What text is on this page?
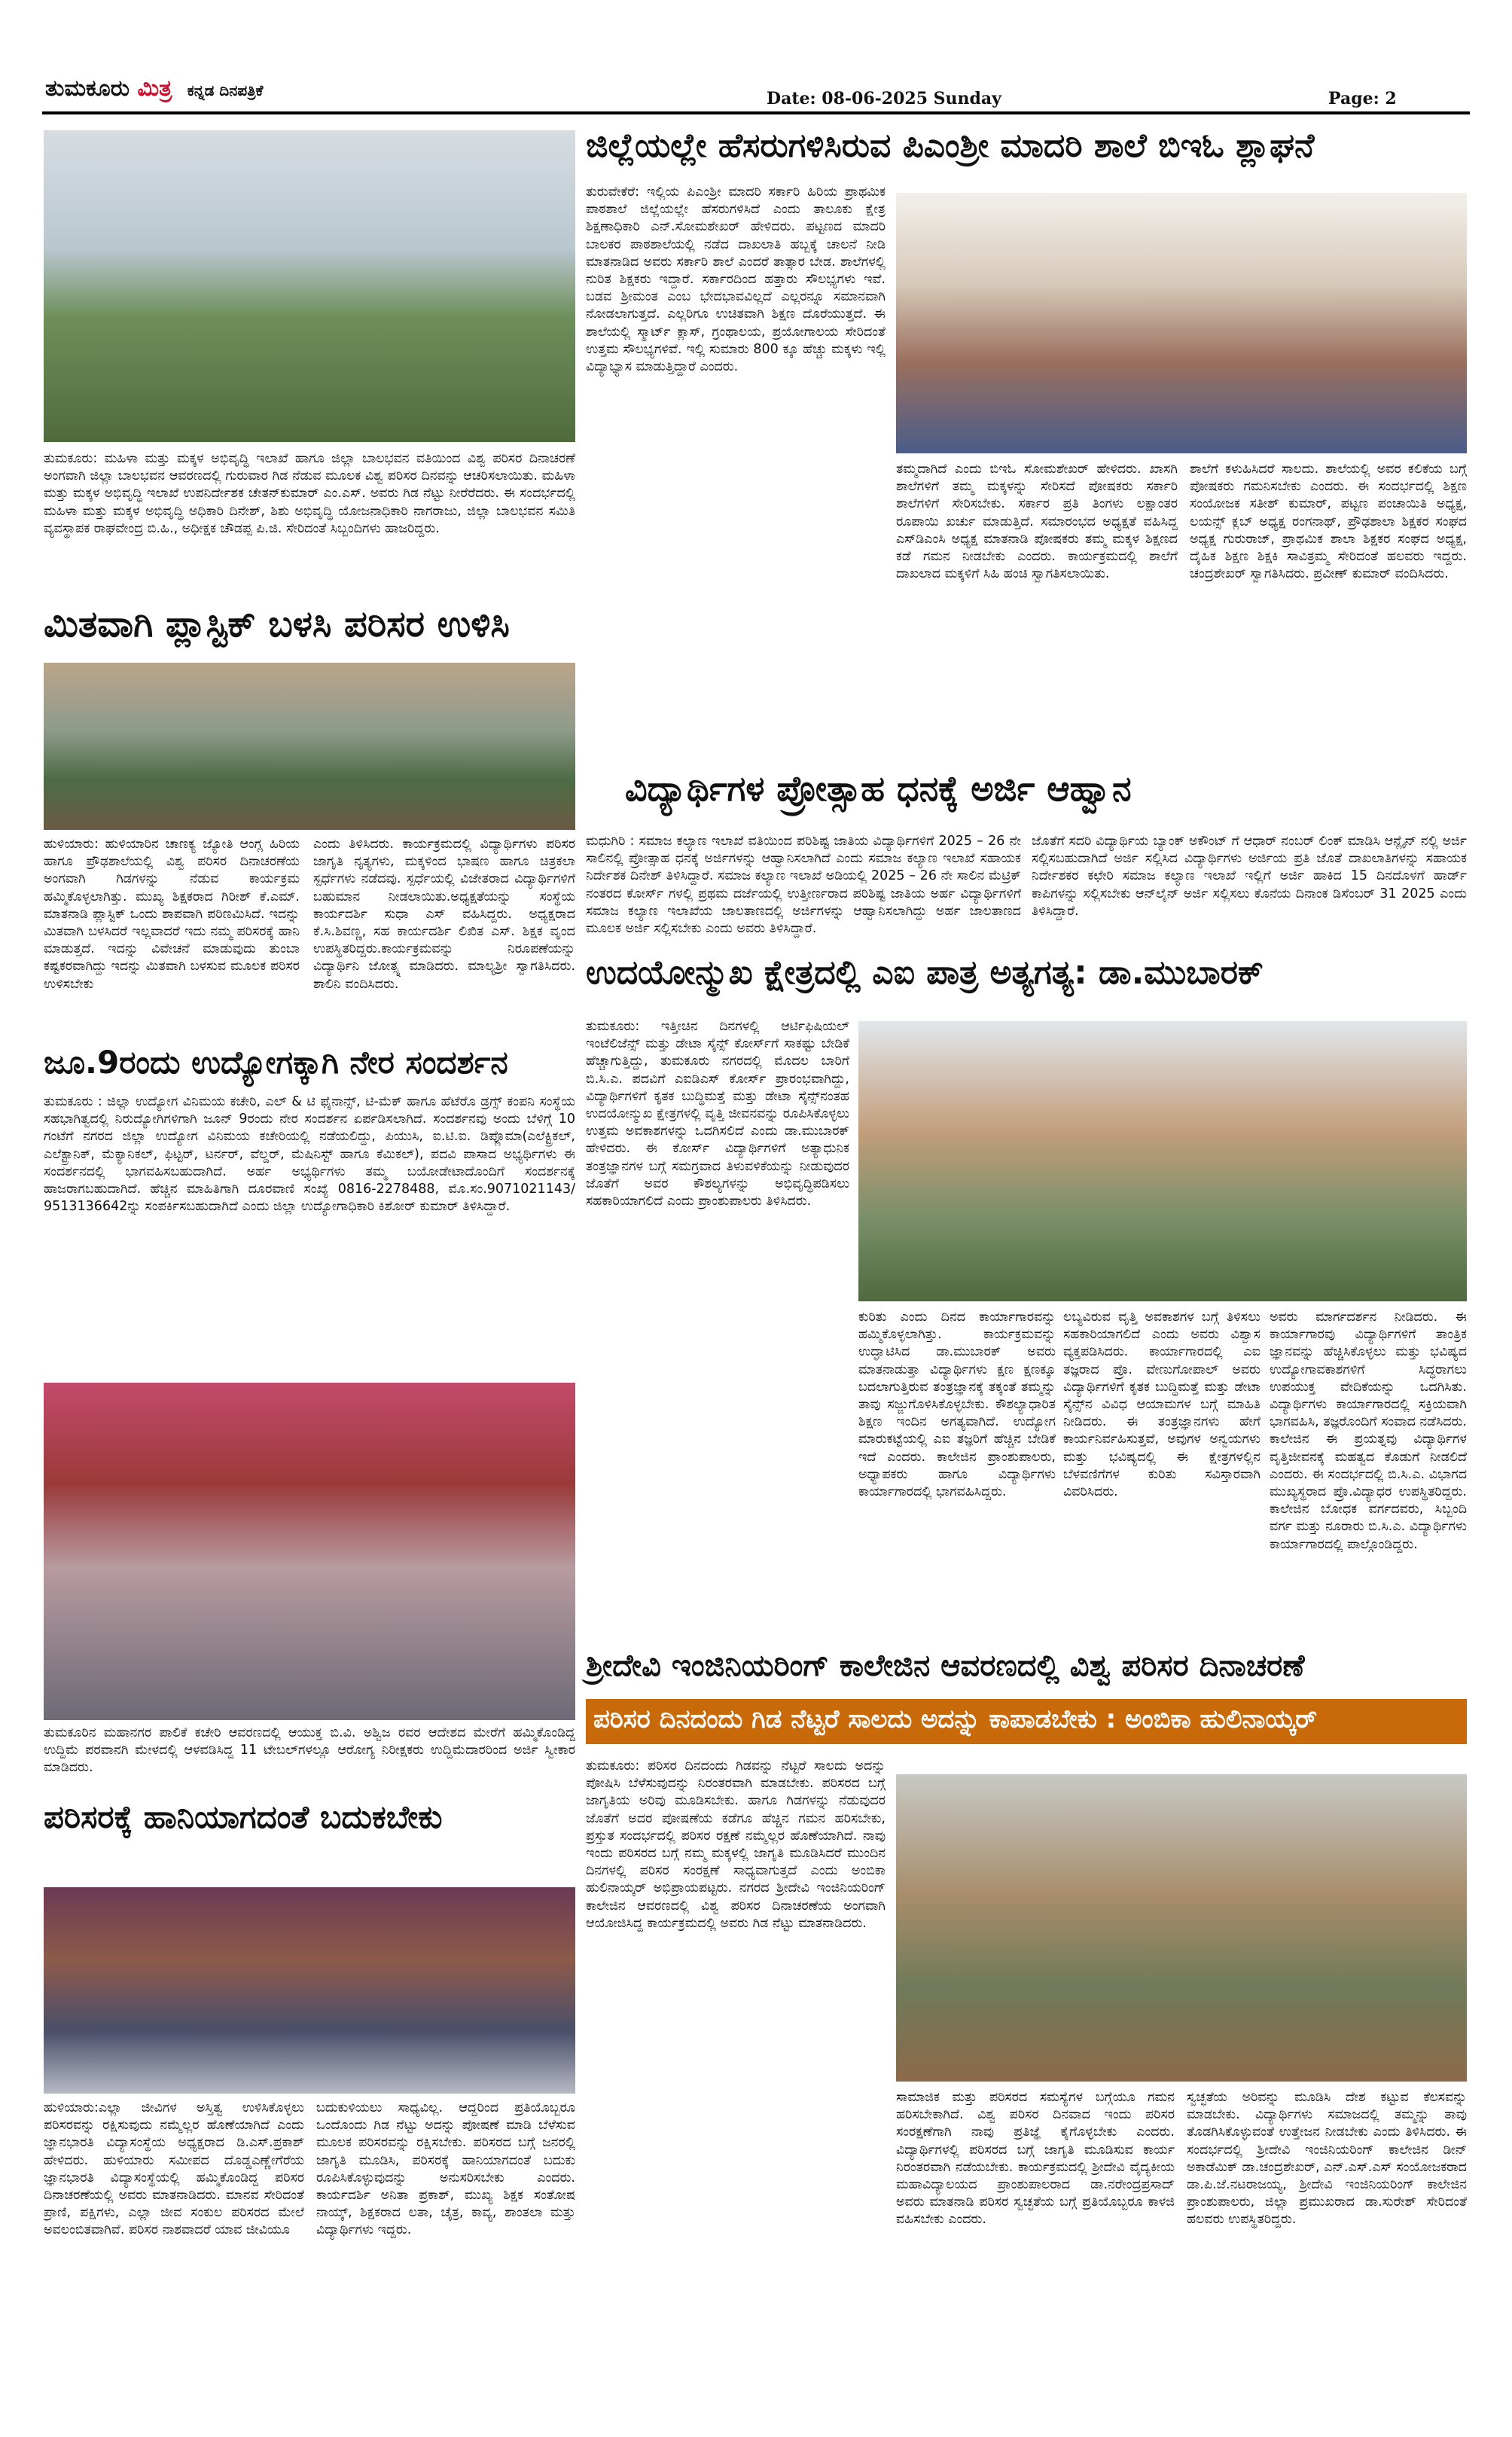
ತುಮಕೂರು ಮಿತ್ರ ಕನ್ನಡ ದಿನಪತ್ರಿಕೆ	Date: 08-06-2025 Sunday	Page: 2
ತುಮಕೂರು: ಮಹಿಳಾ ಮತ್ತು ಮಕ್ಕಳ ಅಭಿವೃದ್ಧಿ ಇಲಾಖೆ ಹಾಗೂ ಜಿಲ್ಲಾ ಬಾಲಭವನ ವತಿಯಿಂದ ವಿಶ್ವ ಪರಿಸರ ದಿನಾಚರಣೆ ಅಂಗವಾಗಿ ಜಿಲ್ಲಾ ಬಾಲಭವನ ಆವರಣದಲ್ಲಿ ಗುರುವಾರ ಗಿಡ ನೆಡುವ ಮೂಲಕ ವಿಶ್ವ ಪರಿಸರ ದಿನವನ್ನು ಆಚರಿಸಲಾಯಿತು. ಮಹಿಳಾ ಮತ್ತು ಮಕ್ಕಳ ಅಭಿವೃದ್ಧಿ ಇಲಾಖೆ ಉಪನಿರ್ದೇಶಕ ಚೇತನ್‌ಕುಮಾರ್ ಎಂ.ಎಸ್. ಅವರು ಗಿಡ ನೆಟ್ಟು ನೀರೆರೆದರು. ಈ ಸಂದರ್ಭದಲ್ಲಿ ಮಹಿಳಾ ಮತ್ತು ಮಕ್ಕಳ ಅಭಿವೃದ್ಧಿ ಅಧಿಕಾರಿ ದಿನೇಶ್, ಶಿಶು ಅಭಿವೃದ್ಧಿ ಯೋಜನಾಧಿಕಾರಿ ನಾಗರಾಜು, ಜಿಲ್ಲಾ ಬಾಲಭವನ ಸಮಿತಿ ವ್ಯವಸ್ಥಾಪಕ ರಾಘವೇಂದ್ರ ಬಿ.ಹಿ., ಅಧೀಕ್ಷಕ ಚೌಡಪ್ಪ ಪಿ.ಜಿ. ಸೇರಿದಂತೆ ಸಿಬ್ಬಂದಿಗಳು ಹಾಜರಿದ್ದರು.
ಮಿತವಾಗಿ ಪ್ಲಾಸ್ಟಿಕ್ ಬಳಸಿ ಪರಿಸರ ಉಳಿಸಿ
ಹುಳಿಯಾರು: ಹುಳಿಯಾರಿನ ಚಾಣಕ್ಯ ಜ್ಯೋತಿ ಆಂಗ್ಲ ಹಿರಿಯ ಹಾಗೂ ಪ್ರೌಢಶಾಲೆಯಲ್ಲಿ ವಿಶ್ವ ಪರಿಸರ ದಿನಾಚರಣೆಯ ಅಂಗವಾಗಿ ಗಿಡಗಳನ್ನು ನೆಡುವ ಕಾರ್ಯಕ್ರಮ ಹಮ್ಮಿಕೊಳ್ಳಲಾಗಿತ್ತು. ಮುಖ್ಯ ಶಿಕ್ಷಕರಾದ ಗಿರೀಶ್ ಕೆ.ಎಮ್. ಮಾತನಾಡಿ ಪ್ಲಾಸ್ಟಿಕ್ ಒಂದು ಶಾಪವಾಗಿ ಪರಿಣಮಿಸಿದೆ. ಇದನ್ನು ಮಿತವಾಗಿ ಬಳಸಿದರೆ ಇಲ್ಲವಾದರೆ ಇದು ನಮ್ಮ ಪರಿಸರಕ್ಕೆ ಹಾನಿ ಮಾಡುತ್ತದೆ. ಇದನ್ನು ವಿವೇಚನೆ ಮಾಡುವುದು ತುಂಬಾ ಕಷ್ಟಕರವಾಗಿದ್ದು ಇದನ್ನು ಮಿತವಾಗಿ ಬಳಸುವ ಮೂಲಕ ಪರಿಸರ ಉಳಿಸಬೇಕು
ಎಂದು ತಿಳಿಸಿದರು. ಕಾರ್ಯಕ್ರಮದಲ್ಲಿ ವಿದ್ಯಾರ್ಥಿಗಳು ಪರಿಸರ ಜಾಗೃತಿ ನೃತ್ಯಗಳು, ಮಕ್ಕಳಿಂದ ಭಾಷಣ ಹಾಗೂ ಚಿತ್ರಕಲಾ ಸ್ಪರ್ಧೆಗಳು ನಡೆದವು. ಸ್ಪರ್ಧೆಯಲ್ಲಿ ವಿಜೇತರಾದ ವಿದ್ಯಾರ್ಥಿಗಳಿಗೆ ಬಹುಮಾನ ನೀಡಲಾಯಿತು.ಅಧ್ಯಕ್ಷತೆಯನ್ನು ಸಂಸ್ಥೆಯ ಕಾರ್ಯದರ್ಶಿ ಸುಧಾ ಎಸ್ ವಹಿಸಿದ್ದರು. ಅಧ್ಯಕ್ಷರಾದ ಕೆ.ಸಿ.ಶಿವಣ್ಣ, ಸಹ ಕಾರ್ಯದರ್ಶಿ ಲಿಖಿತ ಎಸ್. ಶಿಕ್ಷಕ ವೃಂದ ಉಪಸ್ಥಿತರಿದ್ದರು.ಕಾರ್ಯಕ್ರಮವನ್ನು ನಿರೂಪಣೆಯನ್ನು ವಿದ್ಯಾರ್ಥಿನಿ ಜೋತ್ಸ್ನ ಮಾಡಿದರು. ಮಾಲ್ಯಶ್ರೀ ಸ್ವಾಗತಿಸಿದರು. ಶಾಲಿನಿ ವಂದಿಸಿದರು.
ಜೂ.9ರಂದು ಉದ್ಯೋಗಕ್ಕಾಗಿ ನೇರ ಸಂದರ್ಶನ
ತುಮಕೂರು : ಜಿಲ್ಲಾ ಉದ್ಯೋಗ ವಿನಿಮಯ ಕಚೇರಿ, ಎಲ್ & ಟಿ ಫೈನಾನ್ಸ್, ಟಿ-ಮೆಕ್ ಹಾಗೂ ಹೆಟೆರೊ ಡ್ರಗ್ಸ್ ಕಂಪನಿ ಸಂಸ್ಥೆಯ ಸಹಭಾಗಿತ್ವದಲ್ಲಿ ನಿರುದ್ಯೋಗಿಗಳಿಗಾಗಿ ಜೂನ್ 9ರಂದು ನೇರ ಸಂದರ್ಶನ ಏರ್ಪಡಿಸಲಾಗಿದೆ. ಸಂದರ್ಶನವು ಅಂದು ಬೆಳಿಗ್ಗೆ 10 ಗಂಟೆಗೆ ನಗರದ ಜಿಲ್ಲಾ ಉದ್ಯೋಗ ವಿನಿಮಯ ಕಚೇರಿಯಲ್ಲಿ ನಡೆಯಲಿದ್ದು, ಪಿಯುಸಿ, ಐ.ಟಿ.ಐ. ಡಿಪ್ಲೊಮಾ(ಎಲೆಕ್ಟ್ರಿಕಲ್, ಎಲೆಕ್ಟ್ರಾನಿಕ್, ಮೆಕ್ಯಾನಿಕಲ್, ಫಿಟ್ಟರ್, ಟರ್ನರ್, ವೆಲ್ಡರ್, ಮೆಷಿನಿಸ್ಟ್ ಹಾಗೂ ಕೆಮಿಕಲ್), ಪದವಿ ಪಾಸಾದ ಅಭ್ಯರ್ಥಿಗಳು ಈ ಸಂದರ್ಶನದಲ್ಲಿ ಭಾಗವಹಿಸಬಹುದಾಗಿದೆ. ಅರ್ಹ ಅಭ್ಯರ್ಥಿಗಳು ತಮ್ಮ ಬಯೋಡೇಟಾದೊಂದಿಗೆ ಸಂದರ್ಶನಕ್ಕೆ ಹಾಜರಾಗಬಹುದಾಗಿದೆ. ಹೆಚ್ಚಿನ ಮಾಹಿತಿಗಾಗಿ ದೂರವಾಣಿ ಸಂಖ್ಯೆ 0816-2278488, ಮೊ.ಸಂ.9071021143/ 9513136642ನ್ನು ಸಂಪರ್ಕಿಸಬಹುದಾಗಿದೆ ಎಂದು ಜಿಲ್ಲಾ ಉದ್ಯೋಗಾಧಿಕಾರಿ ಕಿಶೋರ್ ಕುಮಾರ್ ತಿಳಿಸಿದ್ದಾರೆ.
ತುಮಕೂರಿನ ಮಹಾನಗರ ಪಾಲಿಕೆ ಕಚೇರಿ ಆವರಣದಲ್ಲಿ ಆಯುಕ್ತ ಬಿ.ವಿ. ಅಶ್ವಿಜ ರವರ ಆದೇಶದ ಮೇರೆಗೆ ಹಮ್ಮಿಕೊಂಡಿದ್ದ ಉದ್ದಿಮೆ ಪರವಾನಗಿ ಮೇಳದಲ್ಲಿ ಆಳವಡಿಸಿದ್ದ 11 ಟೇಬಲ್‌ಗಳಲ್ಲೂ ಆರೋಗ್ಯ ನಿರೀಕ್ಷಕರು ಉದ್ದಿಮೆದಾರರಿಂದ ಅರ್ಜಿ ಸ್ವೀಕಾರ ಮಾಡಿದರು.
ಪರಿಸರಕ್ಕೆ ಹಾನಿಯಾಗದಂತೆ ಬದುಕಬೇಕು
ಹುಳಿಯಾರು:ಎಲ್ಲಾ ಜೀವಿಗಳ ಅಸ್ತಿತ್ವ ಉಳಿಸಿಕೊಳ್ಳಲು ಪರಿಸರವನ್ನು ರಕ್ಷಿಸುವುದು ನಮ್ಮೆಲ್ಲರ ಹೊಣೆಯಾಗಿದೆ ಎಂದು ಜ್ಞಾನಭಾರತಿ ವಿದ್ಯಾಸಂಸ್ಥೆಯ ಅಧ್ಯಕ್ಷರಾದ ಡಿ.ಎಸ್.ಪ್ರಕಾಶ್ ಹೇಳಿದರು. ಹುಳಿಯಾರು ಸಮೀಪದ ದೊಡ್ಡಎಣ್ಣೇಗೆರೆಯ ಜ್ಞಾನಭಾರತಿ ವಿದ್ಯಾಸಂಸ್ಥೆಯಲ್ಲಿ ಹಮ್ಮಿಕೊಂಡಿದ್ದ ಪರಿಸರ ದಿನಾಚರಣೆಯಲ್ಲಿ ಅವರು ಮಾತನಾಡಿದರು. ಮಾನವ ಸೇರಿದಂತೆ ಪ್ರಾಣಿ, ಪಕ್ಷಿಗಳು, ಎಲ್ಲಾ ಜೀವ ಸಂಕುಲ ಪರಿಸರದ ಮೇಲೆ ಅವಲಂಬಿತವಾಗಿವೆ. ಪರಿಸರ ನಾಶವಾದರೆ ಯಾವ ಜೀವಿಯೂ
ಬದುಕುಳಿಯಲು ಸಾಧ್ಯವಿಲ್ಲ. ಆದ್ದರಿಂದ ಪ್ರತಿಯೊಬ್ಬರೂ ಒಂದೊಂದು ಗಿಡ ನೆಟ್ಟು ಅದನ್ನು ಪೋಷಣೆ ಮಾಡಿ ಬೆಳೆಸುವ ಮೂಲಕ ಪರಿಸರವನ್ನು ರಕ್ಷಿಸಬೇಕು. ಪರಿಸರದ ಬಗ್ಗೆ ಜನರಲ್ಲಿ ಜಾಗೃತಿ ಮೂಡಿಸಿ, ಪರಿಸರಕ್ಕೆ ಹಾನಿಯಾಗದಂತೆ ಬದುಕು ರೂಪಿಸಿಕೊಳ್ಳುವುದನ್ನು ಅನುಸರಿಸಬೇಕು ಎಂದರು. ಕಾರ್ಯದರ್ಶಿ ಅನಿತಾ ಪ್ರಕಾಶ್, ಮುಖ್ಯ ಶಿಕ್ಷಕ ಸಂತೋಷ ನಾಯ್ಕ್, ಶಿಕ್ಷಕರಾದ ಲತಾ, ಚೈತ್ರ, ಕಾವ್ಯ, ಶಾಂತಲಾ ಮತ್ತು ವಿದ್ಯಾರ್ಥಿಗಳು ಇದ್ದರು.
ಜಿಲ್ಲೆಯಲ್ಲೇ ಹೆಸರುಗಳಿಸಿರುವ ಪಿಎಂಶ್ರೀ ಮಾದರಿ ಶಾಲೆ ಬಿಇಓ ಶ್ಲಾಘನೆ
ತುರುವೇಕೆರೆ: ಇಲ್ಲಿಯ ಪಿಎಂಶ್ರೀ ಮಾದರಿ ಸರ್ಕಾರಿ ಹಿರಿಯ ಪ್ರಾಥಮಿಕ ಪಾಠಶಾಲೆ ಜಿಲ್ಲೆಯಲ್ಲೇ ಹೆಸರುಗಳಿಸಿದೆ ಎಂದು ತಾಲೂಕು ಕ್ಷೇತ್ರ ಶಿಕ್ಷಣಾಧಿಕಾರಿ ಎನ್.ಸೋಮಶೇಖರ್ ಹೇಳಿದರು. ಪಟ್ಟಣದ ಮಾದರಿ ಬಾಲಕರ ಪಾಠಶಾಲೆಯಲ್ಲಿ ನಡೆದ ದಾಖಲಾತಿ ಹಬ್ಬಕ್ಕೆ ಚಾಲನೆ ನೀಡಿ ಮಾತನಾಡಿದ ಅವರು ಸರ್ಕಾರಿ ಶಾಲೆ ಎಂದರೆ ತಾತ್ಸಾರ ಬೇಡ. ಶಾಲೆಗಳಲ್ಲಿ ನುರಿತ ಶಿಕ್ಷಕರು ಇದ್ದಾರೆ. ಸರ್ಕಾರದಿಂದ ಹತ್ತಾರು ಸೌಲಭ್ಯಗಳು ಇವೆ. ಬಡವ ಶ್ರೀಮಂತ ಎಂಬ ಭೇದಭಾವವಿಲ್ಲದೆ ಎಲ್ಲರನ್ನೂ ಸಮಾನವಾಗಿ ನೋಡಲಾಗುತ್ತದೆ. ಎಲ್ಲರಿಗೂ ಉಚಿತವಾಗಿ ಶಿಕ್ಷಣ ದೊರೆಯುತ್ತದೆ. ಈ ಶಾಲೆಯಲ್ಲಿ ಸ್ಮಾರ್ಟ್ ಕ್ಲಾಸ್, ಗ್ರಂಥಾಲಯ, ಪ್ರಯೋಗಾಲಯ ಸೇರಿದಂತೆ ಉತ್ತಮ ಸೌಲಭ್ಯಗಳಿವೆ. ಇಲ್ಲಿ ಸುಮಾರು 800 ಕ್ಕೂ ಹೆಚ್ಚು ಮಕ್ಕಳು ಇಲ್ಲಿ ವಿದ್ಯಾಭ್ಯಾಸ ಮಾಡುತ್ತಿದ್ದಾರೆ ಎಂದರು.
ತಮ್ಮದಾಗಿದೆ ಎಂದು ಬಿಇಓ ಸೋಮಶೇಖರ್ ಹೇಳಿದರು. ಖಾಸಗಿ ಶಾಲೆಗಳಿಗೆ ತಮ್ಮ ಮಕ್ಕಳನ್ನು ಸೇರಿಸದೆ ಪೋಷಕರು ಸರ್ಕಾರಿ ಶಾಲೆಗಳಿಗೆ ಸೇರಿಸಬೇಕು. ಸರ್ಕಾರ ಪ್ರತಿ ತಿಂಗಳು ಲಕ್ಷಾಂತರ ರೂಪಾಯಿ ಖರ್ಚು ಮಾಡುತ್ತಿದೆ. ಸಮಾರಂಭದ ಅಧ್ಯಕ್ಷತೆ ವಹಿಸಿದ್ದ ಎಸ್‌ಡಿಎಂಸಿ ಅಧ್ಯಕ್ಷ ಮಾತನಾಡಿ ಪೋಷಕರು ತಮ್ಮ ಮಕ್ಕಳ ಶಿಕ್ಷಣದ ಕಡೆ ಗಮನ ನೀಡಬೇಕು ಎಂದರು. ಕಾರ್ಯಕ್ರಮದಲ್ಲಿ ಶಾಲೆಗೆ ದಾಖಲಾದ ಮಕ್ಕಳಿಗೆ ಸಿಹಿ ಹಂಚಿ ಸ್ವಾಗತಿಸಲಾಯಿತು.
ಶಾಲೆಗೆ ಕಳುಹಿಸಿದರೆ ಸಾಲದು. ಶಾಲೆಯಲ್ಲಿ ಅವರ ಕಲಿಕೆಯ ಬಗ್ಗೆ ಪೋಷಕರು ಗಮನಿಸಬೇಕು ಎಂದರು. ಈ ಸಂದರ್ಭದಲ್ಲಿ ಶಿಕ್ಷಣ ಸಂಯೋಜಕ ಸತೀಶ್ ಕುಮಾರ್, ಪಟ್ಟಣ ಪಂಚಾಯಿತಿ ಅಧ್ಯಕ್ಷ, ಲಯನ್ಸ್ ಕ್ಲಬ್ ಅಧ್ಯಕ್ಷ ರಂಗನಾಥ್, ಪ್ರೌಢಶಾಲಾ ಶಿಕ್ಷಕರ ಸಂಘದ ಅಧ್ಯಕ್ಷ ಗುರುರಾಜ್, ಪ್ರಾಥಮಿಕ ಶಾಲಾ ಶಿಕ್ಷಕರ ಸಂಘದ ಅಧ್ಯಕ್ಷ, ದೈಹಿಕ ಶಿಕ್ಷಣ ಶಿಕ್ಷಕಿ ಸಾವಿತ್ರಮ್ಮ ಸೇರಿದಂತೆ ಹಲವರು ಇದ್ದರು. ಚಂದ್ರಶೇಖರ್ ಸ್ವಾಗತಿಸಿದರು. ಪ್ರವೀಣ್ ಕುಮಾರ್ ವಂದಿಸಿದರು.
ವಿದ್ಯಾರ್ಥಿಗಳ ಪ್ರೋತ್ಸಾಹ ಧನಕ್ಕೆ ಅರ್ಜಿ ಆಹ್ವಾನ
ಮಧುಗಿರಿ : ಸಮಾಜ ಕಲ್ಯಾಣ ಇಲಾಖೆ ವತಿಯಿಂದ ಪರಿಶಿಷ್ಟ ಜಾತಿಯ ವಿದ್ಯಾರ್ಥಿಗಳಿಗೆ 2025 – 26 ನೇ ಸಾಲಿನಲ್ಲಿ ಪ್ರೋತ್ಸಾಹ ಧನಕ್ಕೆ ಅರ್ಜಿಗಳನ್ನು ಆಹ್ವಾನಿಸಲಾಗಿದೆ ಎಂದು ಸಮಾಜ ಕಲ್ಯಾಣ ಇಲಾಖೆ ಸಹಾಯಕ ನಿರ್ದೇಶಕ ದಿನೇಶ್ ತಿಳಿಸಿದ್ದಾರೆ. ಸಮಾಜ ಕಲ್ಯಾಣ ಇಲಾಖೆ ಅಡಿಯಲ್ಲಿ 2025 – 26 ನೇ ಸಾಲಿನ ಮೆಟ್ರಿಕ್ ನಂತರದ ಕೋರ್ಸ್ ಗಳಲ್ಲಿ ಪ್ರಥಮ ದರ್ಜೆಯಲ್ಲಿ ಉತ್ತೀರ್ಣರಾದ ಪರಿಶಿಷ್ಟ ಜಾತಿಯ ಅರ್ಹ ವಿದ್ಯಾರ್ಥಿಗಳಿಗೆ ಸಮಾಜ ಕಲ್ಯಾಣ ಇಲಾಖೆಯ ಜಾಲತಾಣದಲ್ಲಿ ಅರ್ಜಿಗಳನ್ನು ಆಹ್ವಾನಿಸಲಾಗಿದ್ದು ಅರ್ಹ ಜಾಲತಾಣದ ಮೂಲಕ ಅರ್ಜಿ ಸಲ್ಲಿಸಬೇಕು ಎಂದು ಅವರು ತಿಳಿಸಿದ್ದಾರೆ.
ಜೊತೆಗೆ ಸದರಿ ವಿದ್ಯಾರ್ಥಿಯ ಬ್ಯಾಂಕ್ ಅಕೌಂಟ್ ಗೆ ಆಧಾರ್ ನಂಬರ್ ಲಿಂಕ್ ಮಾಡಿಸಿ ಆನ್ಲೈನ್ ನಲ್ಲಿ ಅರ್ಜಿ ಸಲ್ಲಿಸಬಹುದಾಗಿದೆ ಅರ್ಜಿ ಸಲ್ಲಿಸಿದ ವಿದ್ಯಾರ್ಥಿಗಳು ಅರ್ಜಿಯ ಪ್ರತಿ ಜೊತೆ ದಾಖಲಾತಿಗಳನ್ನು ಸಹಾಯಕ ನಿರ್ದೇಶಕರ ಕಛೇರಿ ಸಮಾಜ ಕಲ್ಯಾಣ ಇಲಾಖೆ ಇಲ್ಲಿಗೆ ಅರ್ಜಿ ಹಾಕಿದ 15 ದಿನದೊಳಗೆ ಹಾರ್ಡ್ ಕಾಪಿಗಳನ್ನು ಸಲ್ಲಿಸಬೇಕು ಆನ್‌ಲೈನ್ ಅರ್ಜಿ ಸಲ್ಲಿಸಲು ಕೊನೆಯ ದಿನಾಂಕ ಡಿಸೆಂಬರ್ 31 2025 ಎಂದು ತಿಳಿಸಿದ್ದಾರೆ.
ಉದಯೋನ್ಮುಖ ಕ್ಷೇತ್ರದಲ್ಲಿ ಎಐ ಪಾತ್ರ ಅತ್ಯಗತ್ಯ: ಡಾ.ಮುಬಾರಕ್
ತುಮಕೂರು: ಇತ್ತೀಚಿನ ದಿನಗಳಲ್ಲಿ ಆರ್ಟಿಫಿಷಿಯಲ್ ಇಂಟೆಲಿಜೆನ್ಸ್ ಮತ್ತು ಡೇಟಾ ಸೈನ್ಸ್ ಕೋರ್ಸ್‌ಗೆ ಸಾಕಷ್ಟು ಬೇಡಿಕೆ ಹೆಚ್ಚಾಗುತ್ತಿದ್ದು, ತುಮಕೂರು ನಗರದಲ್ಲಿ ಮೊದಲ ಬಾರಿಗೆ ಬಿ.ಸಿ.ಎ. ಪದವಿಗೆ ಎಐಡಿಎಸ್ ಕೋರ್ಸ್ ಪ್ರಾರಂಭವಾಗಿದ್ದು, ವಿದ್ಯಾರ್ಥಿಗಳಿಗೆ ಕೃತಕ ಬುದ್ಧಿಮತ್ತೆ ಮತ್ತು ಡೇಟಾ ಸೈನ್ಸ್‌ನಂತಹ ಉದಯೋನ್ಮುಖ ಕ್ಷೇತ್ರಗಳಲ್ಲಿ ವೃತ್ತಿ ಜೀವನವನ್ನು ರೂಪಿಸಿಕೊಳ್ಳಲು ಉತ್ತಮ ಅವಕಾಶಗಳನ್ನು ಒದಗಿಸಲಿದೆ ಎಂದು ಡಾ.ಮುಬಾರಕ್ ಹೇಳಿದರು. ಈ ಕೋರ್ಸ್ ವಿದ್ಯಾರ್ಥಿಗಳಿಗೆ ಅತ್ಯಾಧುನಿಕ ತಂತ್ರಜ್ಞಾನಗಳ ಬಗ್ಗೆ ಸಮಗ್ರವಾದ ತಿಳುವಳಿಕೆಯನ್ನು ನೀಡುವುದರ ಜೊತೆಗೆ ಅವರ ಕೌಶಲ್ಯಗಳನ್ನು ಅಭಿವೃದ್ಧಿಪಡಿಸಲು ಸಹಕಾರಿಯಾಗಲಿದೆ ಎಂದು ಪ್ರಾಂಶುಪಾಲರು ತಿಳಿಸಿದರು.
ಕುರಿತು ಎಂದು ದಿನದ ಕಾರ್ಯಾಗಾರವನ್ನು ಹಮ್ಮಿಕೊಳ್ಳಲಾಗಿತ್ತು. ಕಾರ್ಯಕ್ರಮವನ್ನು ಉದ್ಘಾಟಿಸಿದ ಡಾ.ಮುಬಾರಕ್ ಅವರು ಮಾತನಾಡುತ್ತಾ ವಿದ್ಯಾರ್ಥಿಗಳು ಕ್ಷಣ ಕ್ಷಣಕ್ಕೂ ಬದಲಾಗುತ್ತಿರುವ ತಂತ್ರಜ್ಞಾನಕ್ಕೆ ತಕ್ಕಂತೆ ತಮ್ಮನ್ನು ತಾವು ಸಜ್ಜುಗೊಳಿಸಿಕೊಳ್ಳಬೇಕು. ಕೌಶಲ್ಯಾಧಾರಿತ ಶಿಕ್ಷಣ ಇಂದಿನ ಅಗತ್ಯವಾಗಿದೆ. ಉದ್ಯೋಗ ಮಾರುಕಟ್ಟೆಯಲ್ಲಿ ಎಐ ತಜ್ಞರಿಗೆ ಹೆಚ್ಚಿನ ಬೇಡಿಕೆ ಇದೆ ಎಂದರು. ಕಾಲೇಜಿನ ಪ್ರಾಂಶುಪಾಲರು, ಅಧ್ಯಾಪಕರು ಹಾಗೂ ವಿದ್ಯಾರ್ಥಿಗಳು ಕಾರ್ಯಾಗಾರದಲ್ಲಿ ಭಾಗವಹಿಸಿದ್ದರು.
ಲಬ್ಯವಿರುವ ವೃತ್ತಿ ಅವಕಾಶಗಳ ಬಗ್ಗೆ ತಿಳಿಸಲು ಸಹಕಾರಿಯಾಗಲಿದೆ ಎಂದು ಅವರು ವಿಶ್ವಾಸ ವ್ಯಕ್ತಪಡಿಸಿದರು. ಕಾರ್ಯಾಗಾರದಲ್ಲಿ ಎಐ ತಜ್ಞರಾದ ಪ್ರೊ. ವೇಣುಗೋಪಾಲ್ ಅವರು ವಿದ್ಯಾರ್ಥಿಗಳಿಗೆ ಕೃತಕ ಬುದ್ಧಿಮತ್ತೆ ಮತ್ತು ಡೇಟಾ ಸೈನ್ಸ್‌ನ ವಿವಿಧ ಆಯಾಮಗಳ ಬಗ್ಗೆ ಮಾಹಿತಿ ನೀಡಿದರು. ಈ ತಂತ್ರಜ್ಞಾನಗಳು ಹೇಗೆ ಕಾರ್ಯನಿರ್ವಹಿಸುತ್ತವೆ, ಅವುಗಳ ಅನ್ವಯಗಳು ಮತ್ತು ಭವಿಷ್ಯದಲ್ಲಿ ಈ ಕ್ಷೇತ್ರಗಳಲ್ಲಿನ ಬೆಳವಣಿಗೆಗಳ ಕುರಿತು ಸವಿಸ್ತಾರವಾಗಿ ವಿವರಿಸಿದರು.
ಅವರು ಮಾರ್ಗದರ್ಶನ ನೀಡಿದರು. ಈ ಕಾರ್ಯಾಗಾರವು ವಿದ್ಯಾರ್ಥಿಗಳಿಗೆ ತಾಂತ್ರಿಕ ಜ್ಞಾನವನ್ನು ಹೆಚ್ಚಿಸಿಕೊಳ್ಳಲು ಮತ್ತು ಭವಿಷ್ಯದ ಉದ್ಯೋಗಾವಕಾಶಗಳಿಗೆ ಸಿದ್ಧರಾಗಲು ಉಪಯುಕ್ತ ವೇದಿಕೆಯನ್ನು ಒದಗಿಸಿತು. ವಿದ್ಯಾರ್ಥಿಗಳು ಕಾರ್ಯಾಗಾರದಲ್ಲಿ ಸಕ್ರಿಯವಾಗಿ ಭಾಗವಹಿಸಿ, ತಜ್ಞರೊಂದಿಗೆ ಸಂವಾದ ನಡೆಸಿದರು. ಕಾಲೇಜಿನ ಈ ಪ್ರಯತ್ನವು ವಿದ್ಯಾರ್ಥಿಗಳ ವೃತ್ತಿಜೀವನಕ್ಕೆ ಮಹತ್ವದ ಕೊಡುಗೆ ನೀಡಲಿದೆ ಎಂದರು. ಈ ಸಂದರ್ಭದಲ್ಲಿ ಬಿ.ಸಿ.ಎ. ವಿಭಾಗದ ಮುಖ್ಯಸ್ಥರಾದ ಪ್ರೊ.ವಿದ್ಯಾಧರ ಉಪಸ್ಥಿತರಿದ್ದರು. ಕಾಲೇಜಿನ ಬೋಧಕ ವರ್ಗದವರು, ಸಿಬ್ಬಂದಿ ವರ್ಗ ಮತ್ತು ನೂರಾರು ಬಿ.ಸಿ.ಎ. ವಿದ್ಯಾರ್ಥಿಗಳು ಕಾರ್ಯಾಗಾರದಲ್ಲಿ ಪಾಲ್ಗೊಂಡಿದ್ದರು.
ಶ್ರೀದೇವಿ ಇಂಜಿನಿಯರಿಂಗ್ ಕಾಲೇಜಿನ ಆವರಣದಲ್ಲಿ ವಿಶ್ವ ಪರಿಸರ ದಿನಾಚರಣೆ
ಪರಿಸರ ದಿನದಂದು ಗಿಡ ನೆಟ್ಟರೆ ಸಾಲದು ಅದನ್ನು ಕಾಪಾಡಬೇಕು : ಅಂಬಿಕಾ ಹುಲಿನಾಯ್ಕರ್
ತುಮಕೂರು: ಪರಿಸರ ದಿನದಂದು ಗಿಡವನ್ನು ನೆಟ್ಟರೆ ಸಾಲದು ಅದನ್ನು ಪೋಷಿಸಿ ಬೆಳೆಸುವುದನ್ನು ನಿರಂತರವಾಗಿ ಮಾಡಬೇಕು. ಪರಿಸರದ ಬಗ್ಗೆ ಜಾಗೃತಿಯ ಅರಿವು ಮೂಡಿಸಬೇಕು. ಹಾಗೂ ಗಿಡಗಳನ್ನು ನೆಡುವುದರ ಜೊತೆಗೆ ಅದರ ಪೋಷಣೆಯ ಕಡೆಗೂ ಹೆಚ್ಚಿನ ಗಮನ ಹರಿಸಬೇಕು, ಪ್ರಸ್ತುತ ಸಂದರ್ಭದಲ್ಲಿ ಪರಿಸರ ರಕ್ಷಣೆ ನಮ್ಮೆಲ್ಲರ ಹೊಣೆಯಾಗಿದೆ. ನಾವು ಇಂದು ಪರಿಸರದ ಬಗ್ಗೆ ನಮ್ಮ ಮಕ್ಕಳಲ್ಲಿ ಜಾಗೃತಿ ಮೂಡಿಸಿದರೆ ಮುಂದಿನ ದಿನಗಳಲ್ಲಿ ಪರಿಸರ ಸಂರಕ್ಷಣೆ ಸಾಧ್ಯವಾಗುತ್ತದೆ ಎಂದು ಅಂಬಿಕಾ ಹುಲಿನಾಯ್ಕರ್ ಅಭಿಪ್ರಾಯಪಟ್ಟರು. ನಗರದ ಶ್ರೀದೇವಿ ಇಂಜಿನಿಯರಿಂಗ್ ಕಾಲೇಜಿನ ಆವರಣದಲ್ಲಿ ವಿಶ್ವ ಪರಿಸರ ದಿನಾಚರಣೆಯ ಅಂಗವಾಗಿ ಆಯೋಜಿಸಿದ್ದ ಕಾರ್ಯಕ್ರಮದಲ್ಲಿ ಅವರು ಗಿಡ ನೆಟ್ಟು ಮಾತನಾಡಿದರು.
ಸಾಮಾಜಿಕ ಮತ್ತು ಪರಿಸರದ ಸಮಸ್ಯೆಗಳ ಬಗ್ಗೆಯೂ ಗಮನ ಹರಿಸಬೇಕಾಗಿದೆ. ವಿಶ್ವ ಪರಿಸರ ದಿನವಾದ ಇಂದು ಪರಿಸರ ಸಂರಕ್ಷಣೆಗಾಗಿ ನಾವು ಪ್ರತಿಜ್ಞೆ ಕೈಗೊಳ್ಳಬೇಕು ಎಂದರು. ವಿದ್ಯಾರ್ಥಿಗಳಲ್ಲಿ ಪರಿಸರದ ಬಗ್ಗೆ ಜಾಗೃತಿ ಮೂಡಿಸುವ ಕಾರ್ಯ ನಿರಂತರವಾಗಿ ನಡೆಯಬೇಕು. ಕಾರ್ಯಕ್ರಮದಲ್ಲಿ ಶ್ರೀದೇವಿ ವೈದ್ಯಕೀಯ ಮಹಾವಿದ್ಯಾಲಯದ ಪ್ರಾಂಶುಪಾಲರಾದ ಡಾ.ನರೇಂದ್ರಪ್ರಸಾದ್ ಅವರು ಮಾತನಾಡಿ ಪರಿಸರ ಸ್ವಚ್ಛತೆಯ ಬಗ್ಗೆ ಪ್ರತಿಯೊಬ್ಬರೂ ಕಾಳಜಿ ವಹಿಸಬೇಕು ಎಂದರು.
ಸ್ವಚ್ಛತೆಯ ಅರಿವನ್ನು ಮೂಡಿಸಿ ದೇಶ ಕಟ್ಟುವ ಕೆಲಸವನ್ನು ಮಾಡಬೇಕು. ವಿದ್ಯಾರ್ಥಿಗಳು ಸಮಾಜದಲ್ಲಿ ತಮ್ಮನ್ನು ತಾವು ತೊಡಗಿಸಿಕೊಳ್ಳುವಂತೆ ಉತ್ತೇಜನ ನೀಡಬೇಕು ಎಂದು ತಿಳಿಸಿದರು. ಈ ಸಂದರ್ಭದಲ್ಲಿ ಶ್ರೀದೇವಿ ಇಂಜಿನಿಯರಿಂಗ್ ಕಾಲೇಜಿನ ಡೀನ್ ಅಕಾಡೆಮಿಕ್ ಡಾ.ಚಂದ್ರಶೇಖರ್, ಎನ್.ಎಸ್.ಎಸ್ ಸಂಯೋಜಕರಾದ ಡಾ.ಪಿ.ಜೆ.ನಟರಾಜಯ್ಯ, ಶ್ರೀದೇವಿ ಇಂಜಿನಿಯರಿಂಗ್ ಕಾಲೇಜಿನ ಪ್ರಾಂಶುಪಾಲರು, ಜಿಲ್ಲಾ ಪ್ರಮುಖರಾದ ಡಾ.ಸುರೇಶ್ ಸೇರಿದಂತೆ ಹಲವರು ಉಪಸ್ಥಿತರಿದ್ದರು.
